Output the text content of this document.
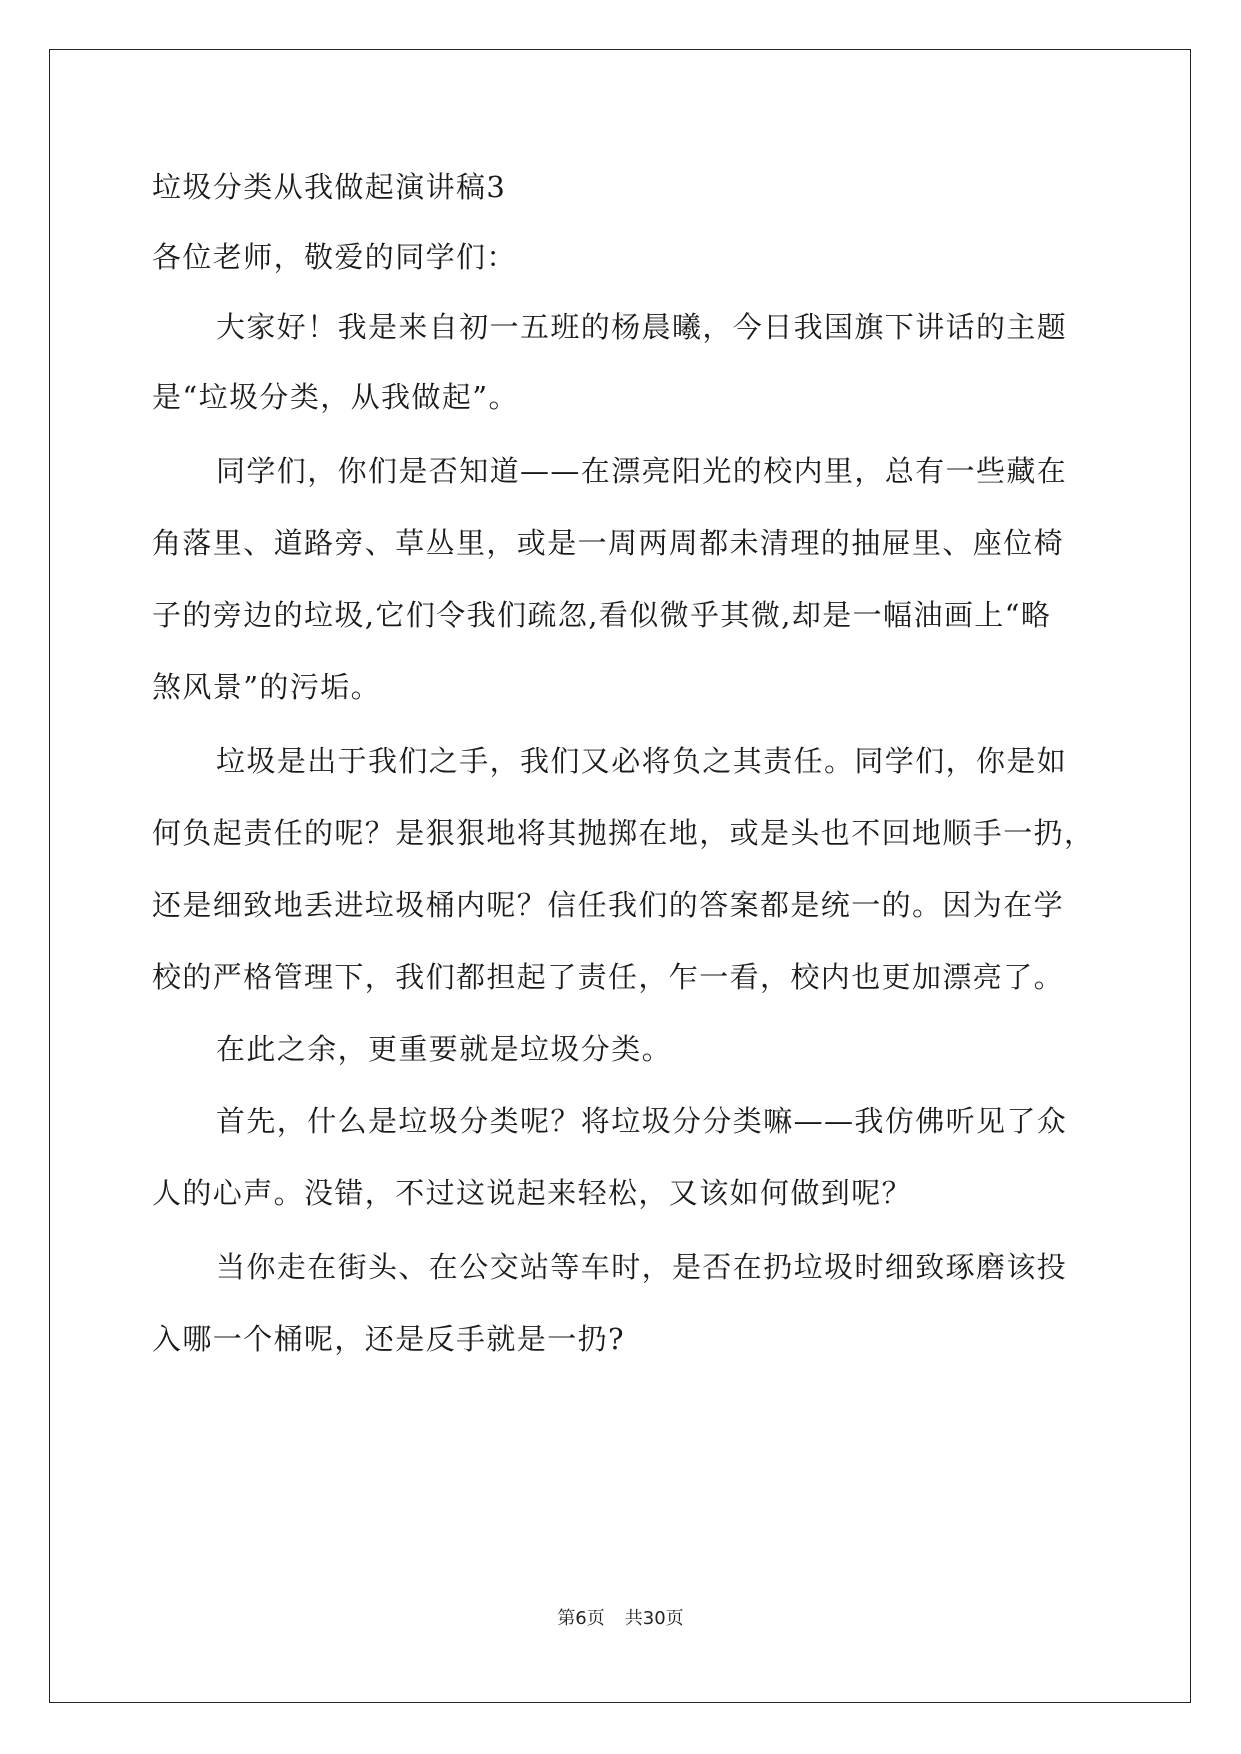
垃圾分类从我做起演讲稿3
各位老师，敬爱的同学们：
大家好！我是来自初一五班的杨晨曦，今日我国旗下讲话的主题
是“垃圾分类，从我做起”。
同学们，你们是否知道——在漂亮阳光的校内里，总有一些藏在
角落里、道路旁、草丛里，或是一周两周都未清理的抽屉里、座位椅
子的旁边的垃圾,它们令我们疏忽,看似微乎其微,却是一幅油画上“略
煞风景”的污垢。
垃圾是出于我们之手，我们又必将负之其责任。同学们，你是如
何负起责任的呢？是狠狠地将其抛掷在地，或是头也不回地顺手一扔，
还是细致地丢进垃圾桶内呢？信任我们的答案都是统一的。因为在学
校的严格管理下，我们都担起了责任，乍一看，校内也更加漂亮了。
在此之余，更重要就是垃圾分类。
首先，什么是垃圾分类呢？将垃圾分分类嘛——我仿佛听见了众
人的心声。没错，不过这说起来轻松，又该如何做到呢？
当你走在街头、在公交站等车时，是否在扔垃圾时细致琢磨该投
入哪一个桶呢，还是反手就是一扔?
第6页 共30页
